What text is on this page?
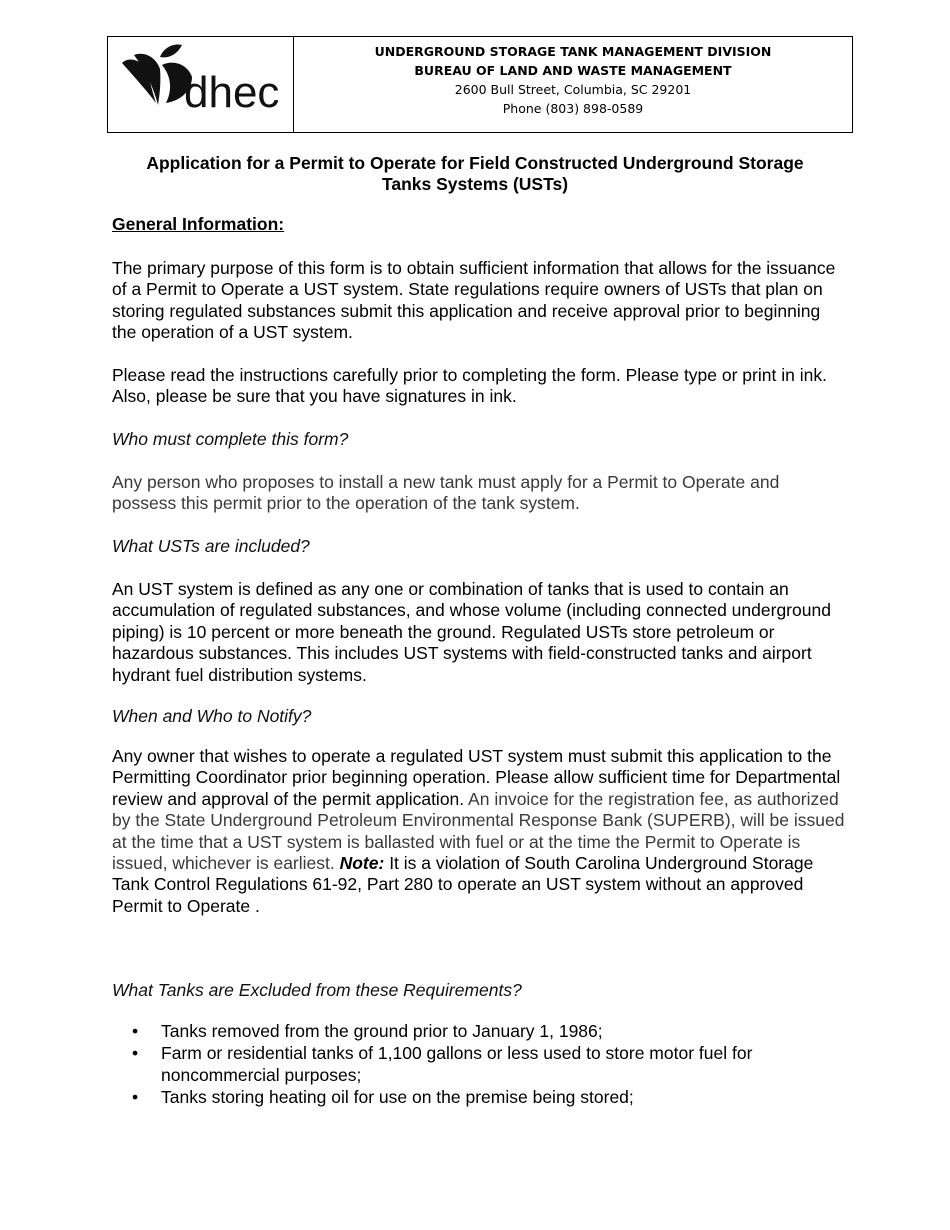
dhec
UNDERGROUND STORAGE TANK MANAGEMENT DIVISION
BUREAU OF LAND AND WASTE MANAGEMENT
2600 Bull Street, Columbia, SC 29201
Phone (803) 898-0589
Application for a Permit to Operate for Field Constructed Underground Storage
Tanks Systems (USTs)
General Information:

The primary purpose of this form is to obtain sufficient information that allows for the issuance of a Permit to Operate a UST system. State regulations require owners of USTs that plan on storing regulated substances submit this application and receive approval prior to beginning the operation of a UST system.

Please read the instructions carefully prior to completing the form. Please type or print in ink. Also, please be sure that you have signatures in ink.

Who must complete this form?

Any person who proposes to install a new tank must apply for a Permit to Operate and possess this permit prior to the operation of the tank system.

What USTs are included?

An UST system is defined as any one or combination of tanks that is used to contain an accumulation of regulated substances, and whose volume (including connected underground piping) is 10 percent or more beneath the ground. Regulated USTs store petroleum or hazardous substances. This includes UST systems with field-constructed tanks and airport hydrant fuel distribution systems.

When and Who to Notify?

Any owner that wishes to operate a regulated UST system must submit this application to the Permitting Coordinator prior beginning operation. Please allow sufficient time for Departmental review and approval of the permit application. An invoice for the registration fee, as authorized by the State Underground Petroleum Environmental Response Bank (SUPERB), will be issued at the time that a UST system is ballasted with fuel or at the time the Permit to Operate is issued, whichever is earliest. Note: It is a violation of South Carolina Underground Storage Tank Control Regulations 61-92, Part 280 to operate an UST system without an approved Permit to Operate .

What Tanks are Excluded from these Requirements?
• Tanks removed from the ground prior to January 1, 1986;
• Farm or residential tanks of 1,100 gallons or less used to store motor fuel for noncommercial purposes;
• Tanks storing heating oil for use on the premise being stored;
